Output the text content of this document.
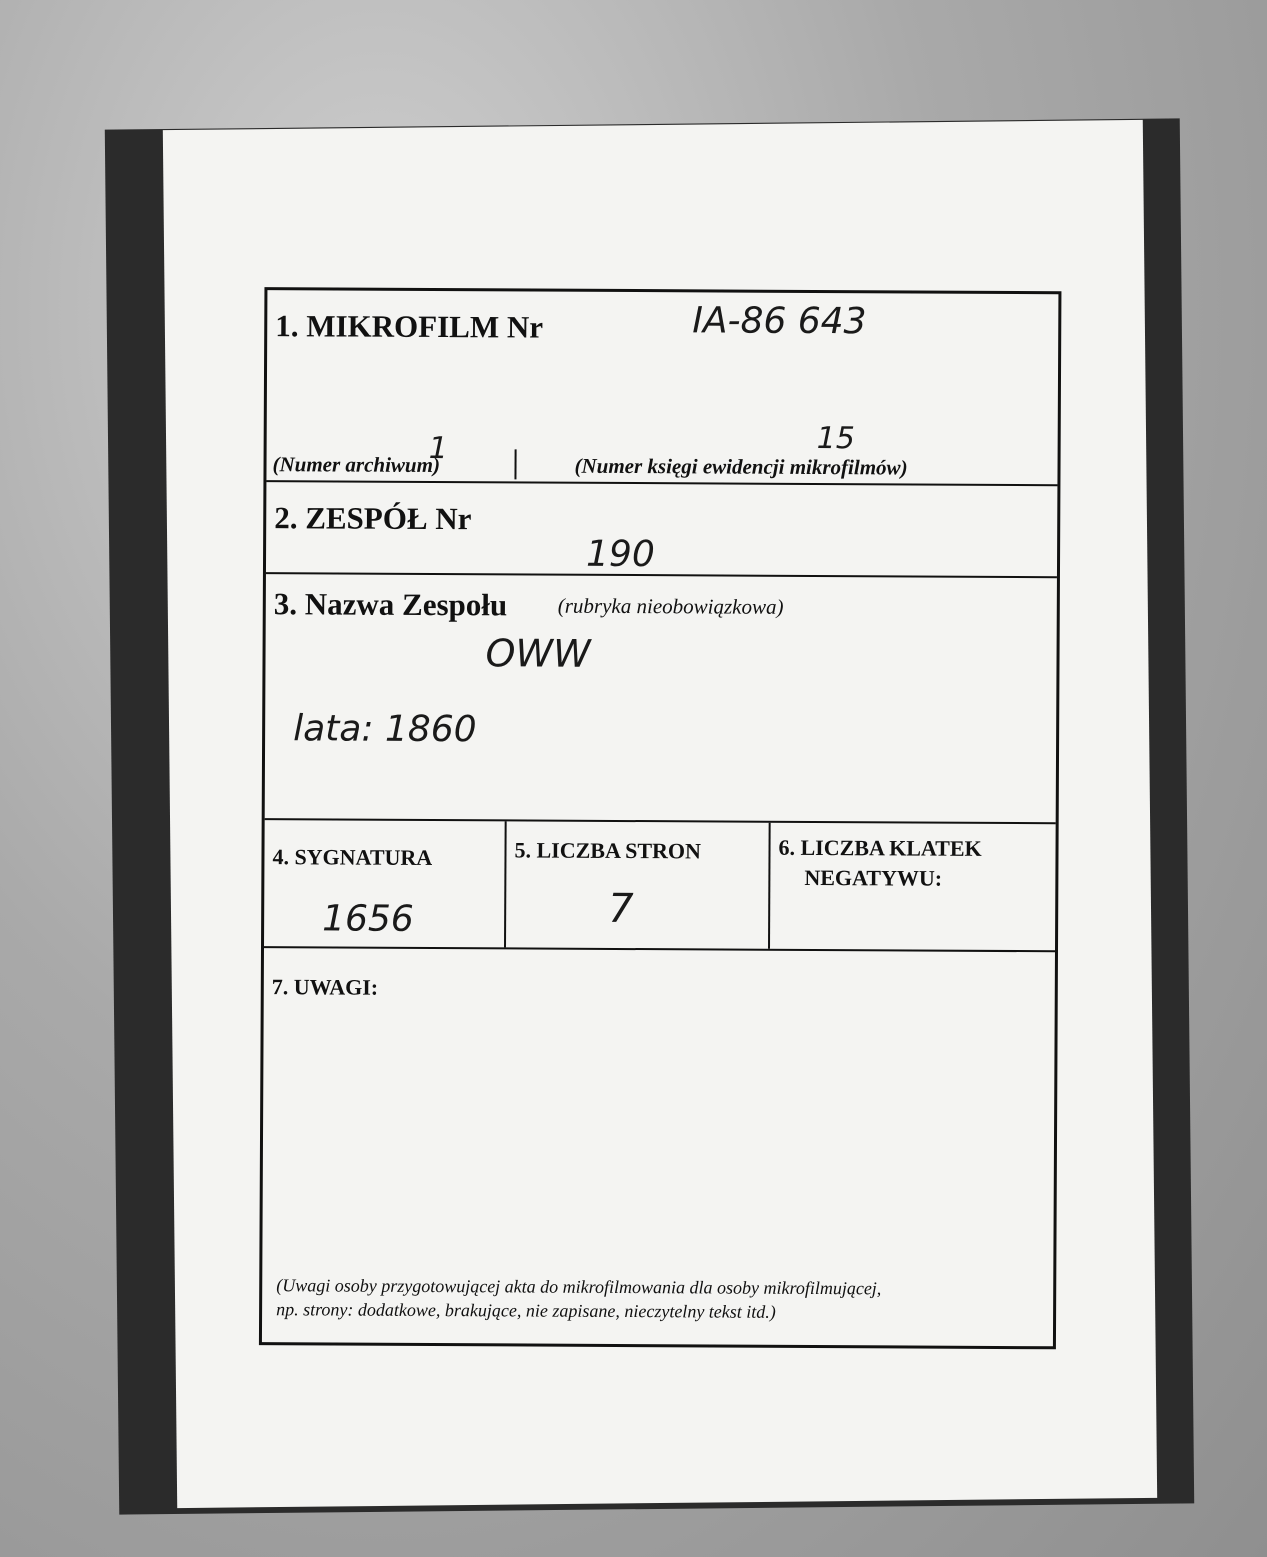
1. MIKROFILM Nr	IA-86 643
1	15
(Numer archiwum)	(Numer księgi ewidencji mikrofilmów)
2. ZESPÓŁ Nr
190
3. Nazwa Zespołu (rubryka nieobowiązkowa)
OWW
lata: 1860
4. SYGNATURA
1656
5. LICZBA STRON
7
6. LICZBA KLATEK
NEGATYWU:
7. UWAGI:
(Uwagi osoby przygotowującej akta do mikrofilmowania dla osoby mikrofilmującej,
np. strony: dodatkowe, brakujące, nie zapisane, nieczytelny tekst itd.)
